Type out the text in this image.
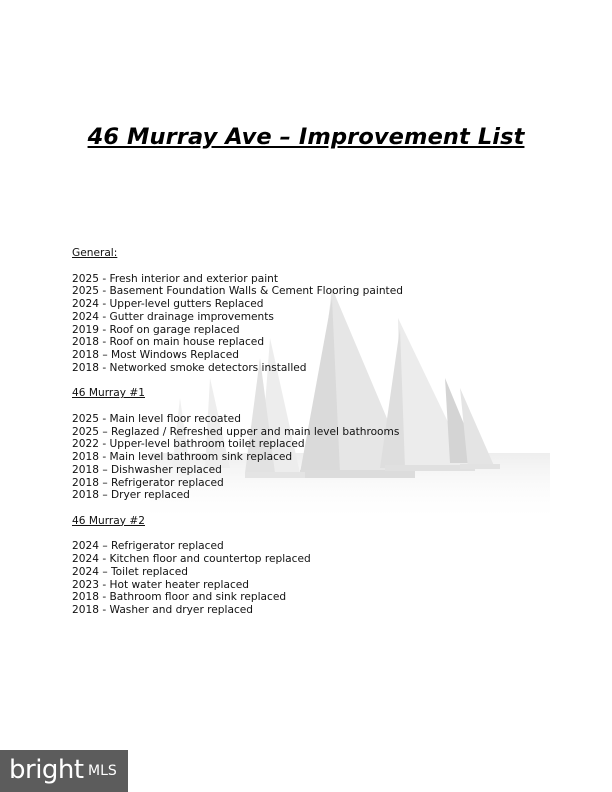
46 Murray Ave – Improvement List
General:
2025 - Fresh interior and exterior paint
2025 - Basement Foundation Walls & Cement Flooring painted
2024 - Upper-level gutters Replaced
2024 - Gutter drainage improvements
2019 - Roof on garage replaced
2018 - Roof on main house replaced
2018 – Most Windows Replaced
2018 - Networked smoke detectors installed
46 Murray #1
2025 - Main level floor recoated
2025 – Reglazed / Refreshed upper and main level bathrooms
2022 - Upper-level bathroom toilet replaced
2018 - Main level bathroom sink replaced
2018 – Dishwasher replaced
2018 – Refrigerator replaced
2018 – Dryer replaced
46 Murray #2
2024 – Refrigerator replaced
2024 - Kitchen floor and countertop replaced
2024 – Toilet replaced
2023 - Hot water heater replaced
2018 - Bathroom floor and sink replaced
2018 - Washer and dryer replaced
bright MLS
